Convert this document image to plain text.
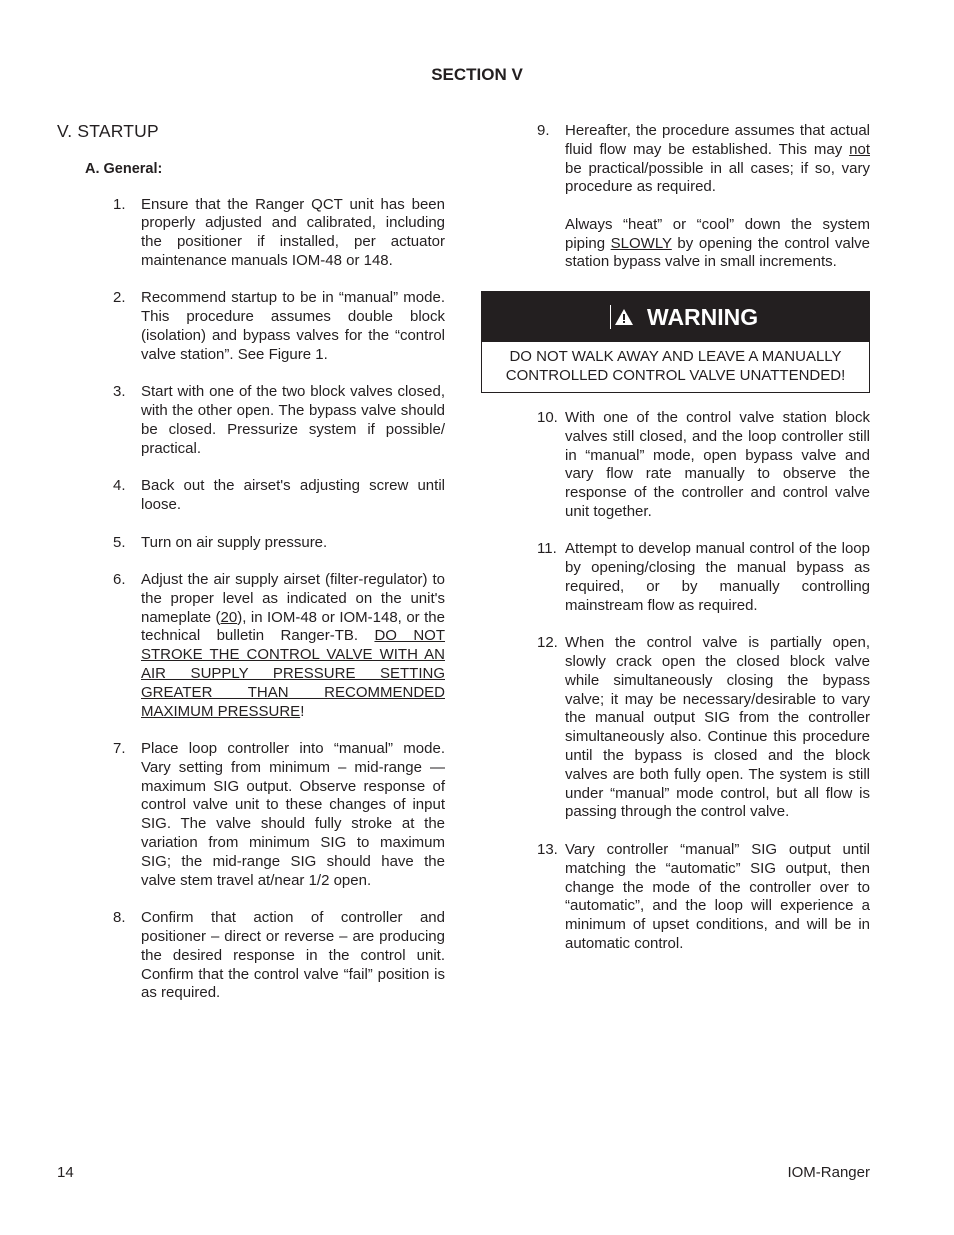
SECTION V
V. STARTUP
A. General:
1.	Ensure that the Ranger QCT unit has been properly adjusted and calibrated, including the positioner if installed, per actuator maintenance manuals IOM-48 or 148.
2.	Recommend startup to be in “manual” mode. This procedure assumes double block (isolation) and bypass valves for the “control valve station”. See Figure 1.
3.	Start with one of the two block valves closed, with the other open. The bypass valve should be closed. Pressurize system if possible/ practical.
4.	Back out the airset's adjusting screw until loose.
5.	Turn on air supply pressure.
6.	Adjust the air supply airset (filter-regulator) to the proper level as indicated on the unit's nameplate (20), in IOM-48 or IOM-148, or the technical bulletin Ranger-TB. DO NOT STROKE THE CONTROL VALVE WITH AN AIR SUPPLY PRESSURE SETTING GREATER THAN RECOMMENDED MAXIMUM PRESSURE!
7.	Place loop controller into “manual” mode. Vary setting from minimum – mid-range — maximum SIG output. Observe response of control valve unit to these changes of input SIG. The valve should fully stroke at the variation from minimum SIG to maximum SIG; the mid-range SIG should have the valve stem travel at/near 1/2 open.
8.	Confirm that action of controller and positioner – direct or reverse – are producing the desired response in the control unit. Confirm that the control valve “fail” position is as required.
9.	Hereafter, the procedure assumes that actual fluid flow may be established. This may not be practical/possible in all cases; if so, vary procedure as required.
Always “heat” or “cool” down the system piping SLOWLY by opening the control valve station bypass valve in small increments.
WARNING
DO NOT WALK AWAY AND LEAVE A MANUALLY CONTROLLED CONTROL VALVE UNATTENDED!
10. With one of the control valve station block valves still closed, and the loop controller still in “manual” mode, open bypass valve and vary flow rate manually to observe the response of the controller and control valve unit together.
11. Attempt to develop manual control of the loop by opening/closing the manual bypass as required, or by manually controlling mainstream flow as required.
12. When the control valve is partially open, slowly crack open the closed block valve while simultaneously closing the bypass valve; it may be necessary/desirable to vary the manual output SIG from the controller simultaneously also. Continue this procedure until the bypass is closed and the block valves are both fully open. The system is still under “manual” mode control, but all flow is passing through the control valve.
13. Vary controller “manual” SIG output until matching the “automatic” SIG output, then change the mode of the controller over to “automatic”, and the loop will experience a minimum of upset conditions, and will be in automatic control.
14	IOM-Ranger
